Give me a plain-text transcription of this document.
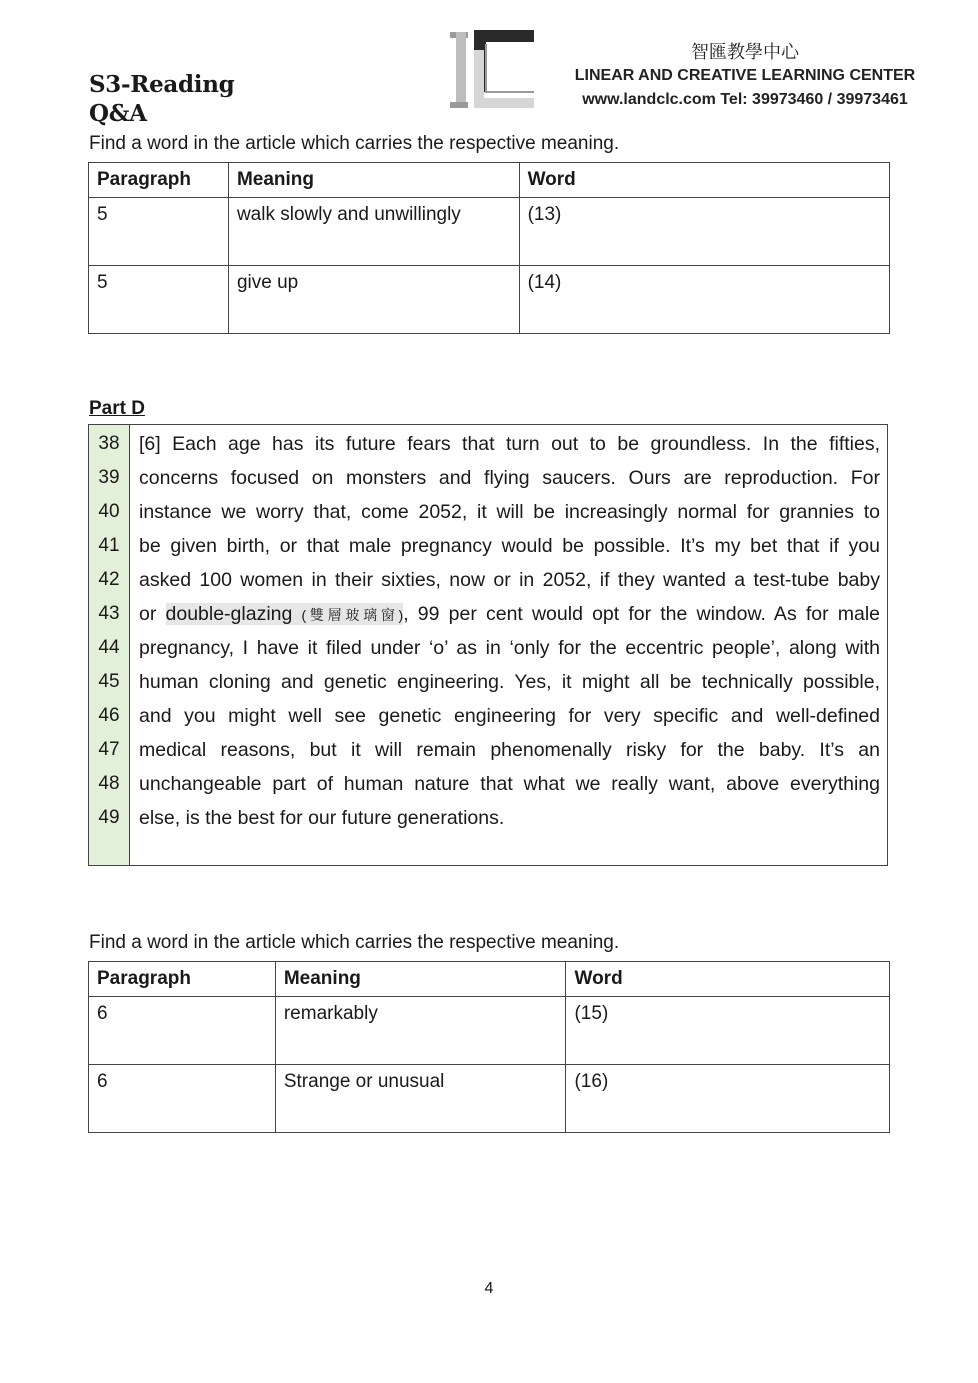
S3-Reading
Q&A
智匯教學中心
LINEAR AND CREATIVE LEARNING CENTER
www.landclc.com Tel: 39973460 / 39973461
Find a word in the article which carries the respective meaning.
Paragraph	Meaning	Word
5	walk slowly and unwillingly	(13)
5	give up	(14)
Part D
38
39
40
41
42
43
44
45
46
47
48
49
[6] Each age has its future fears that turn out to be groundless. In the fifties,
concerns focused on monsters and flying saucers. Ours are reproduction. For
instance we worry that, come 2052, it will be increasingly normal for grannies to
be given birth, or that male pregnancy would be possible. It’s my bet that if you
asked 100 women in their sixties, now or in 2052, if they wanted a test-tube baby
or double-glazing (雙層玻璃窗), 99 per cent would opt for the window. As for male
pregnancy, I have it filed under ‘o’ as in ‘only for the eccentric people’, along with
human cloning and genetic engineering. Yes, it might all be technically possible,
and you might well see genetic engineering for very specific and well-defined
medical reasons, but it will remain phenomenally risky for the baby. It’s an
unchangeable part of human nature that what we really want, above everything
else, is the best for our future generations.
Find a word in the article which carries the respective meaning.
Paragraph	Meaning	Word
6	remarkably	(15)
6	Strange or unusual	(16)
4
